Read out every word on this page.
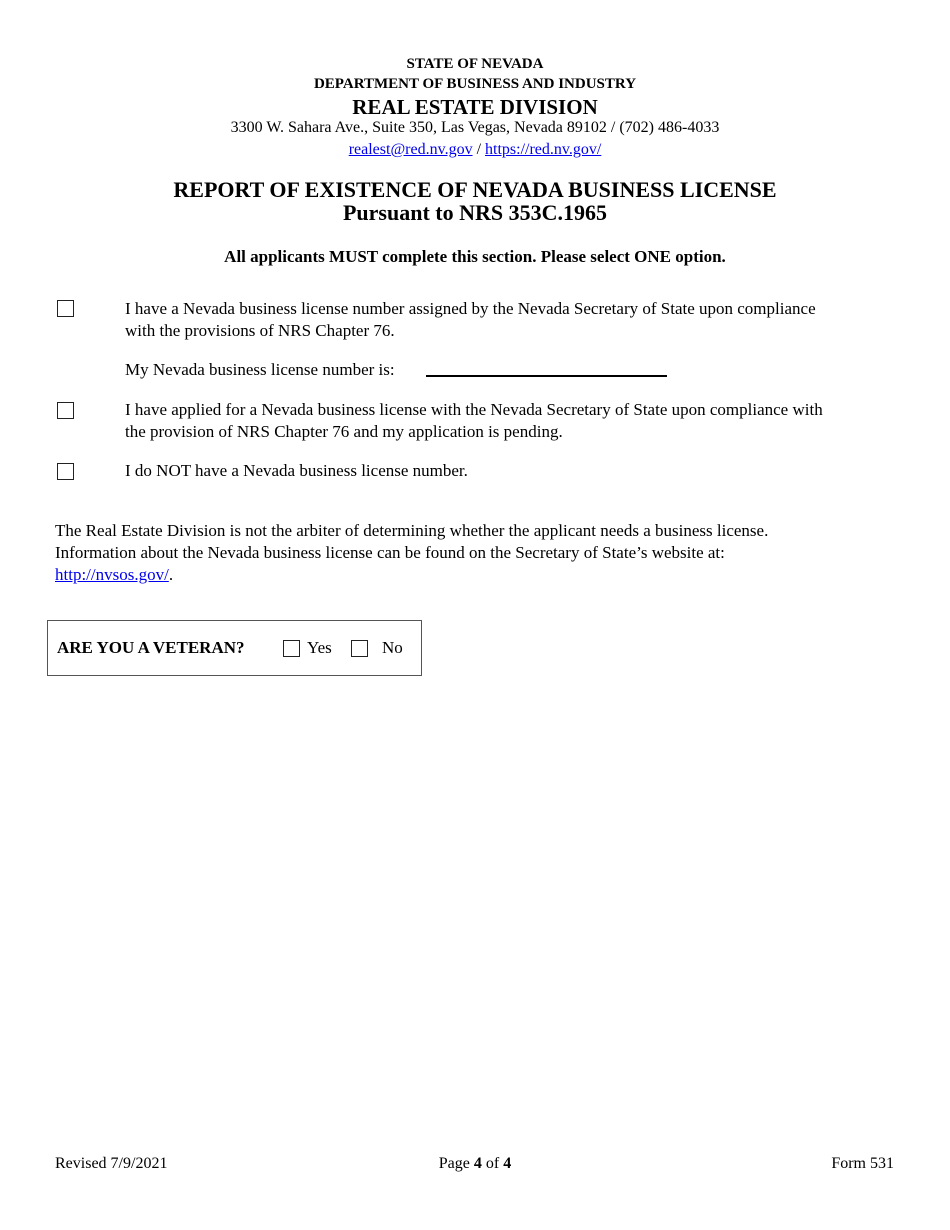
STATE OF NEVADA
DEPARTMENT OF BUSINESS AND INDUSTRY
REAL ESTATE DIVISION
3300 W. Sahara Ave., Suite 350, Las Vegas, Nevada 89102 / (702) 486-4033
realest@red.nv.gov / https://red.nv.gov/
REPORT OF EXISTENCE OF NEVADA BUSINESS LICENSE
Pursuant to NRS 353C.1965
All applicants MUST complete this section. Please select ONE option.
I have a Nevada business license number assigned by the Nevada Secretary of State upon compliance
with the provisions of NRS Chapter 76.
My Nevada business license number is:
I have applied for a Nevada business license with the Nevada Secretary of State upon compliance with
the provision of NRS Chapter 76 and my application is pending.
I do NOT have a Nevada business license number.
The Real Estate Division is not the arbiter of determining whether the applicant needs a business license.
Information about the Nevada business license can be found on the Secretary of State’s website at:
http://nvsos.gov/.
ARE YOU A VETERAN?	Yes	No
Revised 7/9/2021	Page 4 of 4	Form 531
